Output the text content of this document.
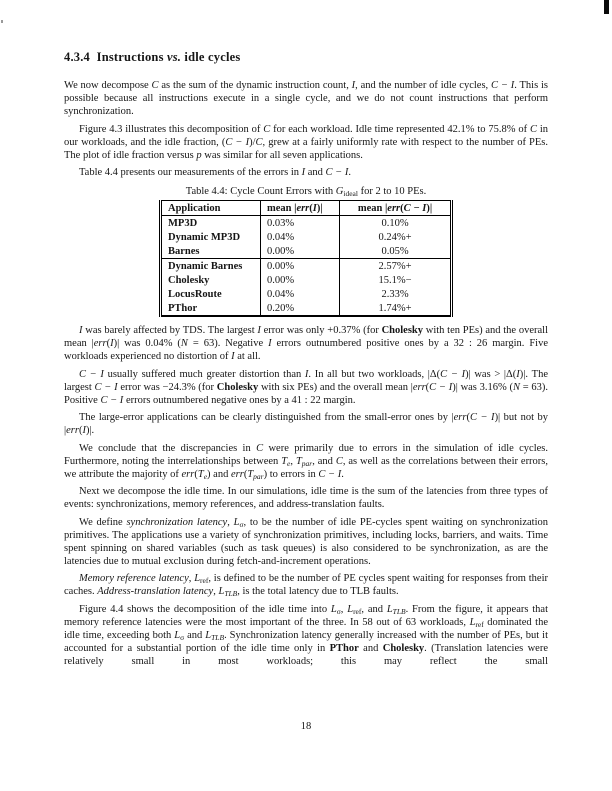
4.3.4  Instructions vs. idle cycles

We now decompose C as the sum of the dynamic instruction count, I, and the number of idle cycles, C − I. This is possible because all instructions execute in a single cycle, and we do not count instructions that perform synchronization.

Figure 4.3 illustrates this decomposition of C for each workload. Idle time represented 42.1% to 75.8% of C in our workloads, and the idle fraction, (C − I)/C, grew at a fairly uniformly rate with respect to the number of PEs. The plot of idle fraction versus p was similar for all seven applications.

Table 4.4 presents our measurements of the errors in I and C − I.

Table 4.4: Cycle Count Errors with $G_{ideal}$ for 2 to 10 PEs.
Application	mean |err(I)|	mean |err(C − I)|
MP3D	0.03%	0.10%
Dynamic MP3D	0.04%	0.24%+
Barnes	0.00%	0.05%
Dynamic Barnes	0.00%	2.57%+
Cholesky	0.00%	15.1%−
LocusRoute	0.04%	2.33%
PThor	0.20%	1.74%+

I was barely affected by TDS. The largest I error was only +0.37% (for Cholesky with ten PEs) and the overall mean |err(I)| was 0.04% (N = 63). Negative I errors outnumbered positive ones by a 32 : 26 margin. Five workloads experienced no distortion of I at all.

C − I usually suffered much greater distortion than I. In all but two workloads, |Δ(C − I)| was > |Δ(I)|. The largest C − I error was −24.3% (for Cholesky with six PEs) and the overall mean |err(C − I)| was 3.16% (N = 63). Positive C − I errors outnumbered negative ones by a 41 : 22 margin.

The large-error applications can be clearly distinguished from the small-error ones by |err(C − I)| but not by |err(I)|.

We conclude that the discrepancies in C were primarily due to errors in the simulation of idle cycles. Furthermore, noting the interrelationships between $T_e$, $T_{par}$, and C, as well as the correlations between their errors, we attribute the majority of $err(T_e)$ and $err(T_{par})$ to errors in C − I.

Next we decompose the idle time. In our simulations, idle time is the sum of the latencies from three types of events: synchronizations, memory references, and address-translation faults.

We define synchronization latency, $L_\sigma$, to be the number of idle PE-cycles spent waiting on synchronization primitives. The applications use a variety of synchronization primitives, including locks, barriers, and waits. Time spent spinning on shared variables (such as task queues) is also considered to be synchronization, as are the latencies due to mutual exclusion during fetch-and-increment operations.

Memory reference latency, $L_{ref}$, is defined to be the number of PE cycles spent waiting for responses from their caches. Address-translation latency, $L_{TLB}$, is the total latency due to TLB faults.

Figure 4.4 shows the decomposition of the idle time into $L_\sigma$, $L_{ref}$, and $L_{TLB}$. From the figure, it appears that memory reference latencies were the most important of the three. In 58 out of 63 workloads, $L_{ref}$ dominated the idle time, exceeding both $L_\sigma$ and $L_{TLB}$. Synchronization latency generally increased with the number of PEs, but it accounted for a substantial portion of the idle time only in PThor and Cholesky. (Translation latencies were relatively small in most workloads; this may reflect the small

18
